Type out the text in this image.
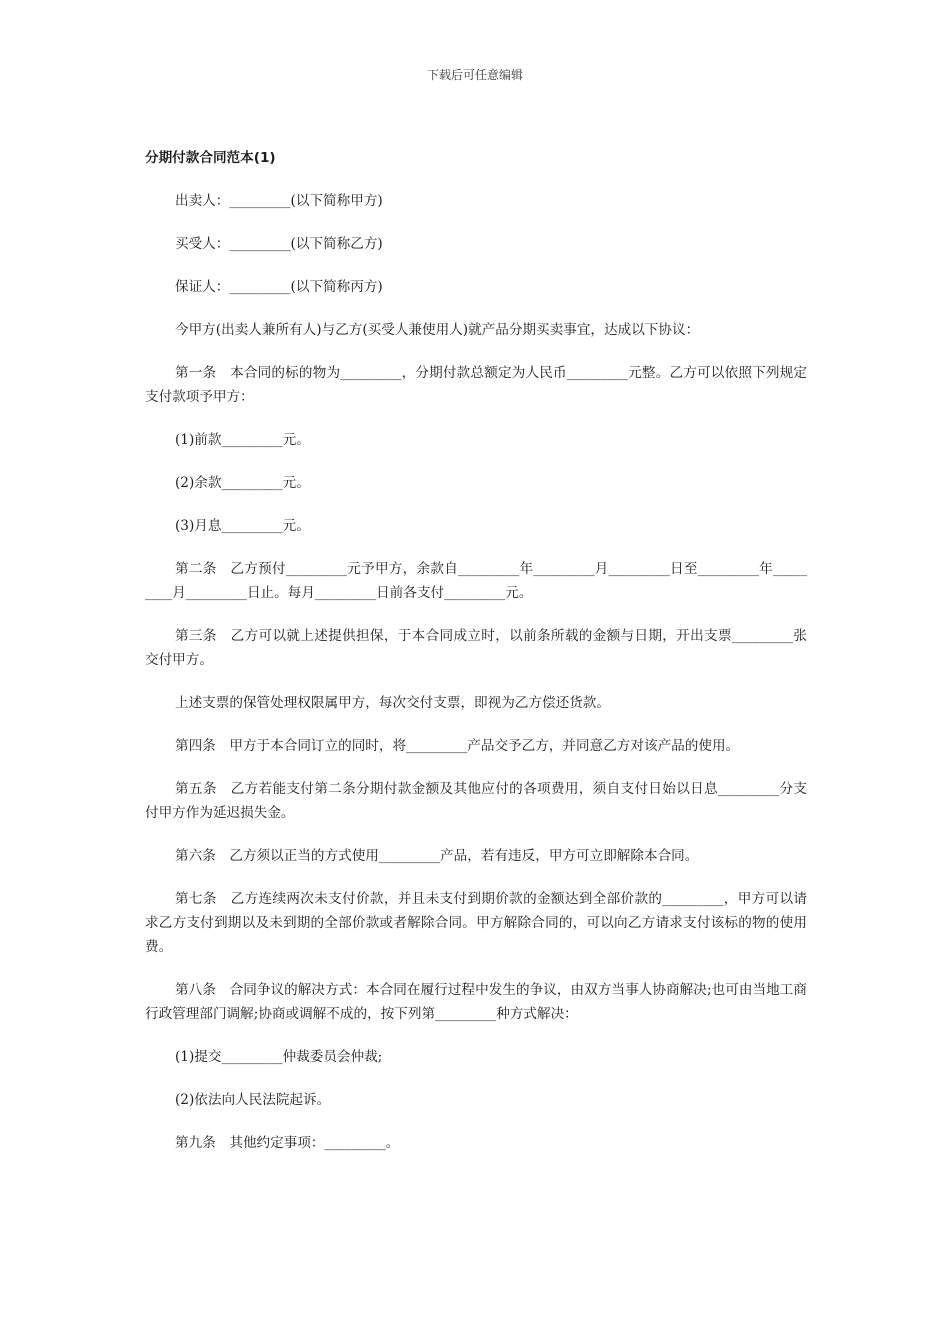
下载后可任意编辑
分期付款合同范本(1)

出卖人：_________(以下简称甲方)

买受人：_________(以下简称乙方)

保证人：_________(以下简称丙方)

今甲方(出卖人兼所有人)与乙方(买受人兼使用人)就产品分期买卖事宜，达成以下协议：

第一条　本合同的标的物为_________，分期付款总额定为人民币_________元整。乙方可以依照下列规定支付款项予甲方：

(1)前款_________元。

(2)余款_________元。

(3)月息_________元。

第二条　乙方预付_________元予甲方，余款自_________年_________月_________日至_________年_________月_________日止。每月_________日前各支付_________元。

第三条　乙方可以就上述提供担保，于本合同成立时，以前条所载的金额与日期，开出支票_________张交付甲方。

上述支票的保管处理权限属甲方，每次交付支票，即视为乙方偿还货款。

第四条　甲方于本合同订立的同时，将_________产品交予乙方，并同意乙方对该产品的使用。

第五条　乙方若能支付第二条分期付款金额及其他应付的各项费用，须自支付日始以日息_________分支付甲方作为延迟损失金。

第六条　乙方须以正当的方式使用_________产品，若有违反，甲方可立即解除本合同。

第七条　乙方连续两次未支付价款，并且未支付到期价款的金额达到全部价款的_________，甲方可以请求乙方支付到期以及未到期的全部价款或者解除合同。甲方解除合同的，可以向乙方请求支付该标的物的使用费。

第八条　合同争议的解决方式：本合同在履行过程中发生的争议，由双方当事人协商解决;也可由当地工商行政管理部门调解;协商或调解不成的，按下列第_________种方式解决：

(1)提交_________仲裁委员会仲裁;

(2)依法向人民法院起诉。

第九条　其他约定事项：_________。
